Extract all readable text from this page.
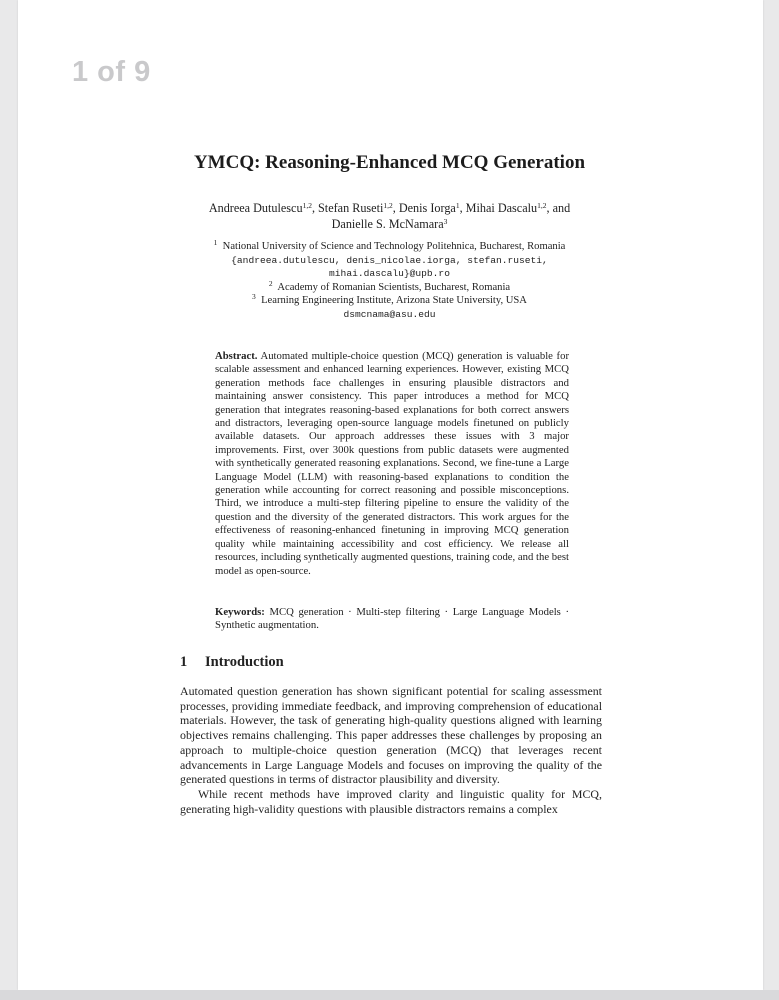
1 of 9
YMCQ: Reasoning-Enhanced MCQ Generation
Andreea Dutulescu$^{1,2}$, Stefan Ruseti$^{1,2}$, Denis Iorga$^1$, Mihai Dascalu$^{1,2}$, and
Danielle S. McNamara$^3$
$^1$ National University of Science and Technology Politehnica, Bucharest, Romania
{andreea.dutulescu, denis_nicolae.iorga, stefan.ruseti,
mihai.dascalu}@upb.ro
$^2$ Academy of Romanian Scientists, Bucharest, Romania
$^3$ Learning Engineering Institute, Arizona State University, USA
dsmcnama@asu.edu
Abstract. Automated multiple-choice question (MCQ) generation is valuable for scalable assessment and enhanced learning experiences. However, existing MCQ generation methods face challenges in ensuring plausible distractors and maintaining answer consistency. This paper introduces a method for MCQ generation that integrates reasoning-based explanations for both correct answers and distractors, leveraging open-source language models finetuned on publicly available datasets. Our approach addresses these issues with 3 major improvements. First, over 300k questions from public datasets were augmented with synthetically generated reasoning explanations. Second, we fine-tune a Large Language Model (LLM) with reasoning-based explanations to condition the generation while accounting for correct reasoning and possible misconceptions. Third, we introduce a multi-step filtering pipeline to ensure the validity of the question and the diversity of the generated distractors. This work argues for the effectiveness of reasoning-enhanced finetuning in improving MCQ generation quality while maintaining accessibility and cost efficiency. We release all resources, including synthetically augmented questions, training code, and the best model as open-source.
Keywords: MCQ generation · Multi-step filtering · Large Language Models · Synthetic augmentation.
1 Introduction

Automated question generation has shown significant potential for scaling assessment processes, providing immediate feedback, and improving comprehension of educational materials. However, the task of generating high-quality questions aligned with learning objectives remains challenging. This paper addresses these challenges by proposing an approach to multiple-choice question generation (MCQ) that leverages recent advancements in Large Language Models and focuses on improving the quality of the generated questions in terms of distractor plausibility and diversity.

While recent methods have improved clarity and linguistic quality for MCQ, generating high-validity questions with plausible distractors remains a complex
